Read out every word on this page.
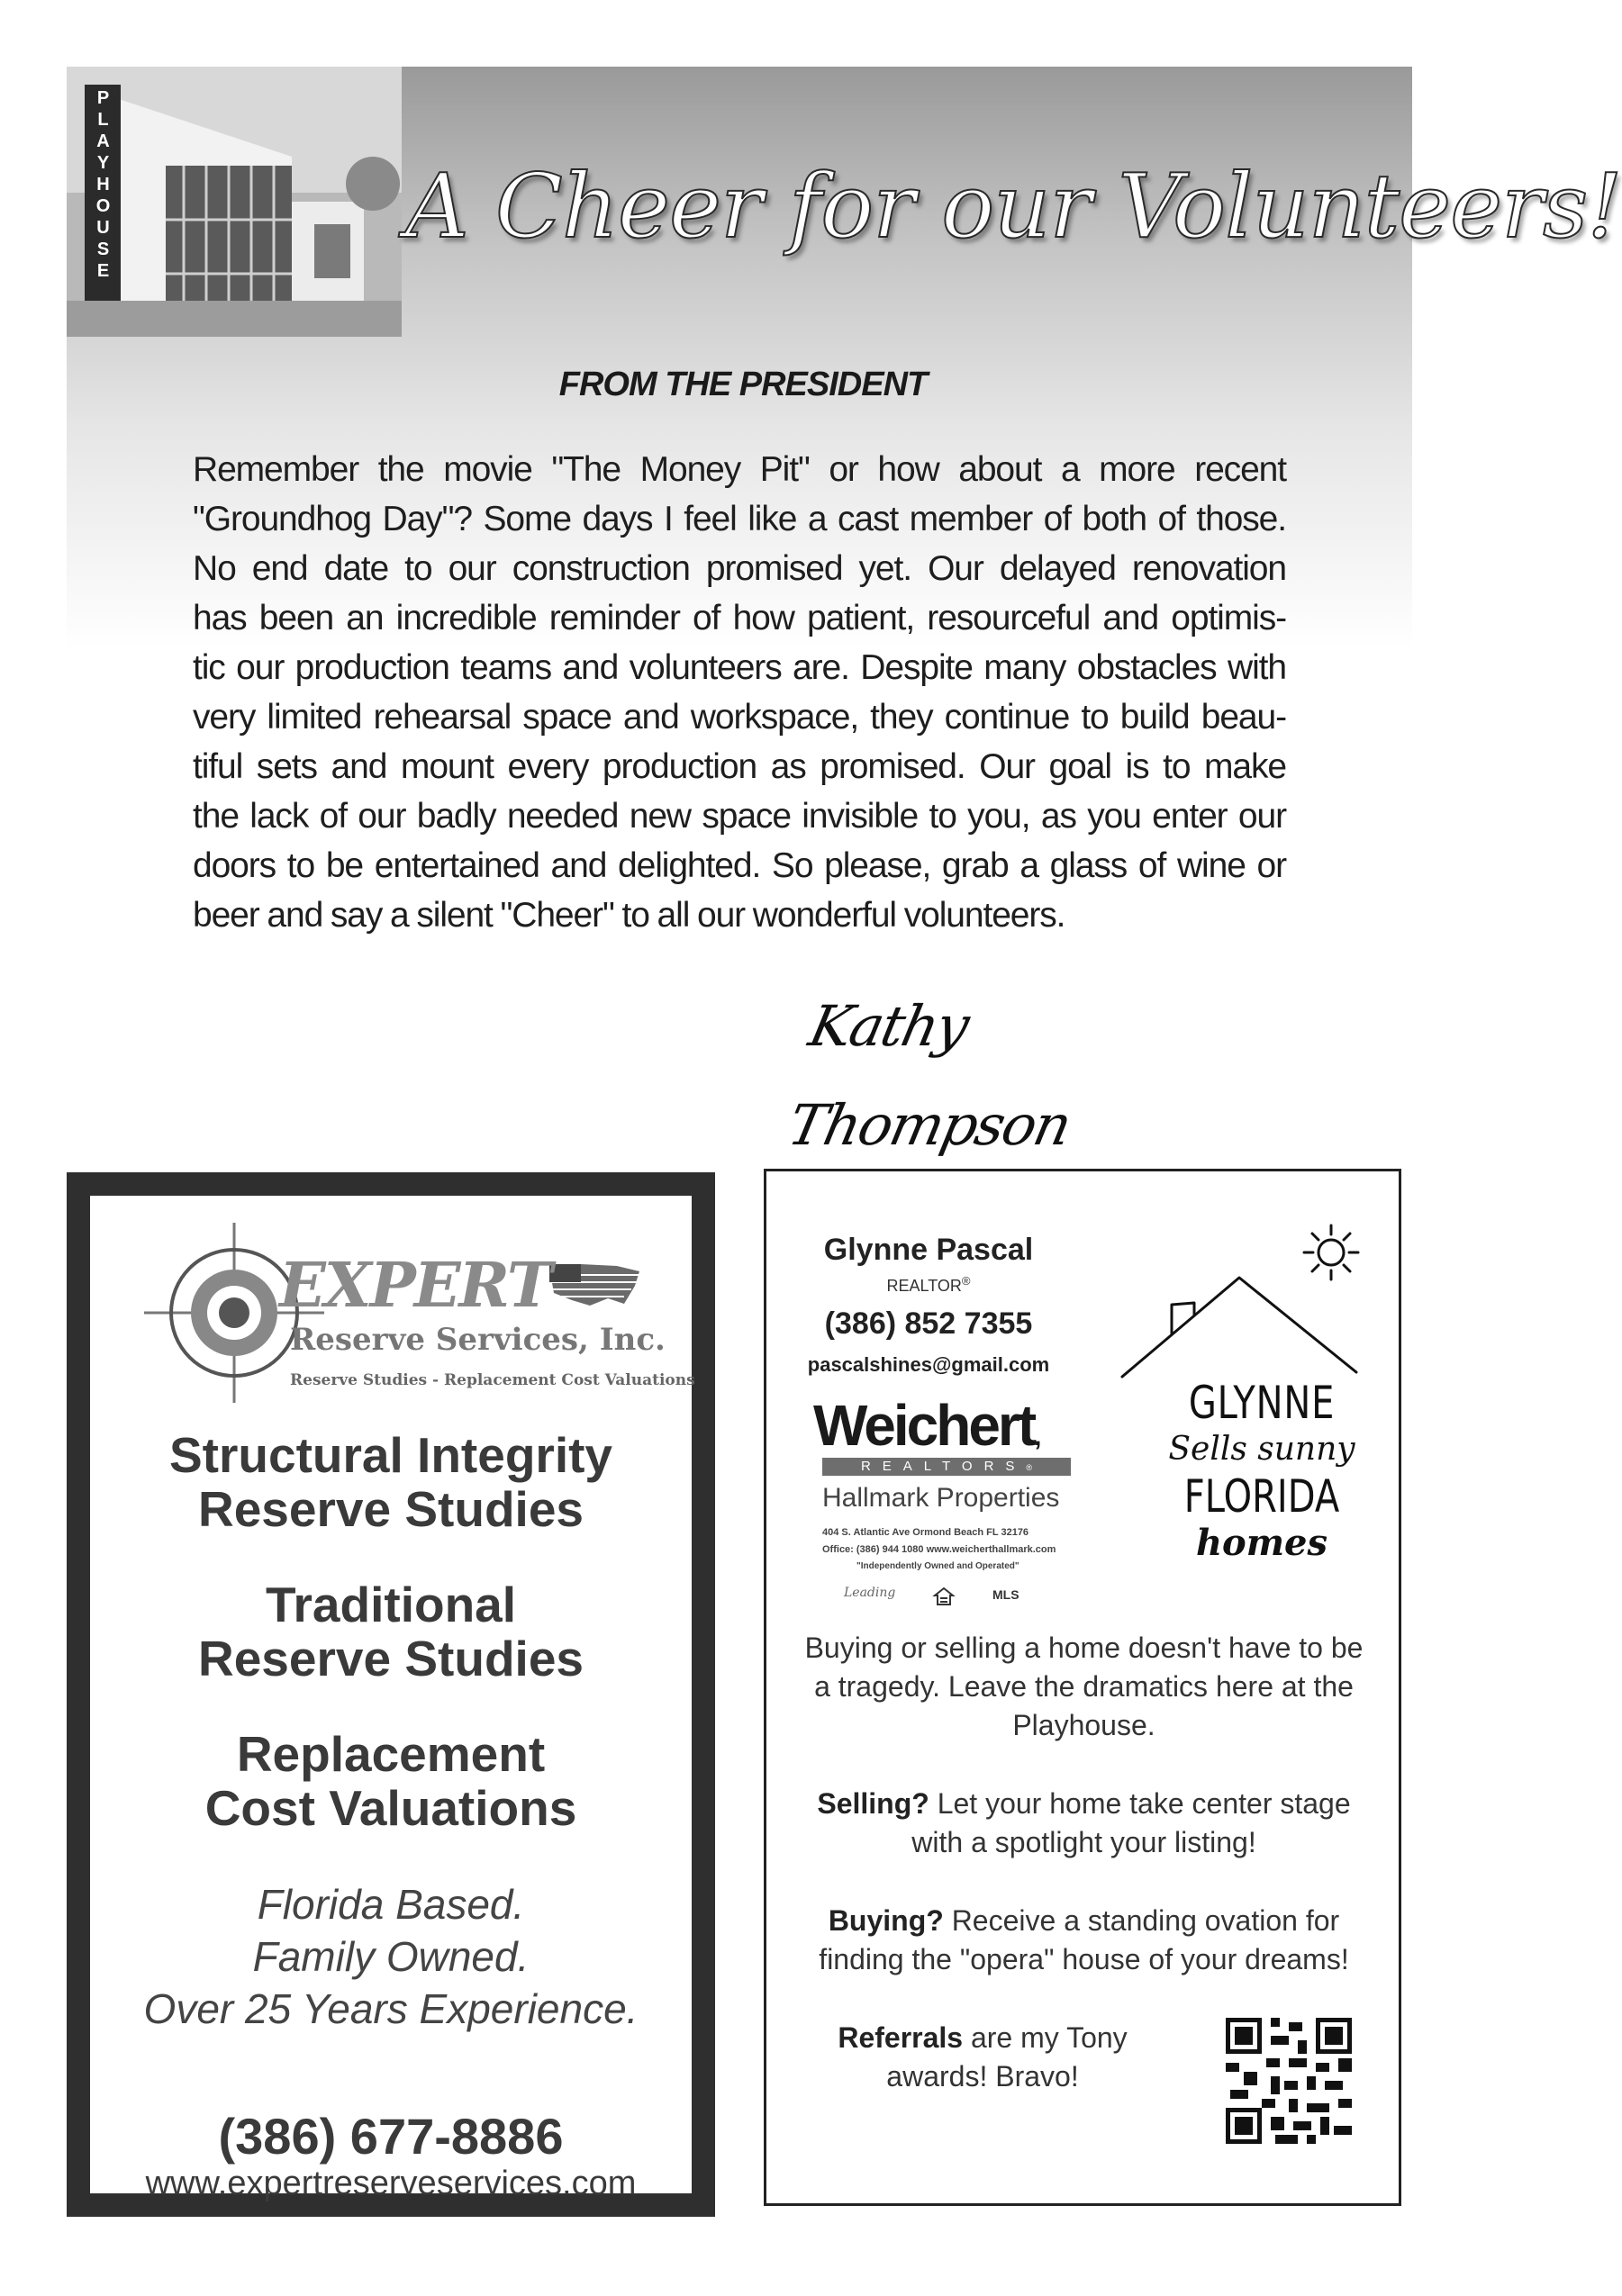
PLAYHOUSE	A Cheer for our Volunteers!
FROM THE PRESIDENT
Remember the movie "The Money Pit" or how about a more recent
"Groundhog Day"? Some days I feel like a cast member of both of those.
No end date to our construction promised yet. Our delayed renovation
has been an incredible reminder of how patient, resourceful and optimis-
tic our production teams and volunteers are. Despite many obstacles with
very limited rehearsal space and workspace, they continue to build beau-
tiful sets and mount every production as promised. Our goal is to make
the lack of our badly needed new space invisible to you, as you enter our
doors to be entertained and delighted. So please, grab a glass of wine or
beer and say a silent "Cheer" to all our wonderful volunteers.
Kathy Thompson
EXPERT
Reserve Services, Inc.
Reserve Studies - Replacement Cost Valuations
Structural Integrity
Reserve Studies
Traditional
Reserve Studies
Replacement
Cost Valuations
Florida Based.
Family Owned.
Over 25 Years Experience.
(386) 677-8886
www.expertreserveservices.com
Glynne Pascal
REALTOR®
(386) 852 7355
pascalshines@gmail.com
Weichert,
REALTORS®
Hallmark Properties
404 S. Atlantic Ave Ormond Beach FL 32176
Office: (386) 944 1080 www.weicherthallmark.com
"Independently Owned and Operated"
Leading	MLS
GLYNNE
Sells sunny
FLORIDA
homes

Buying or selling a home doesn't have to be a tragedy. Leave the dramatics here at the Playhouse.

Selling? Let your home take center stage with a spotlight your listing!

Buying? Receive a standing ovation for finding the "opera" house of your dreams!

Referrals are my Tony awards! Bravo!
